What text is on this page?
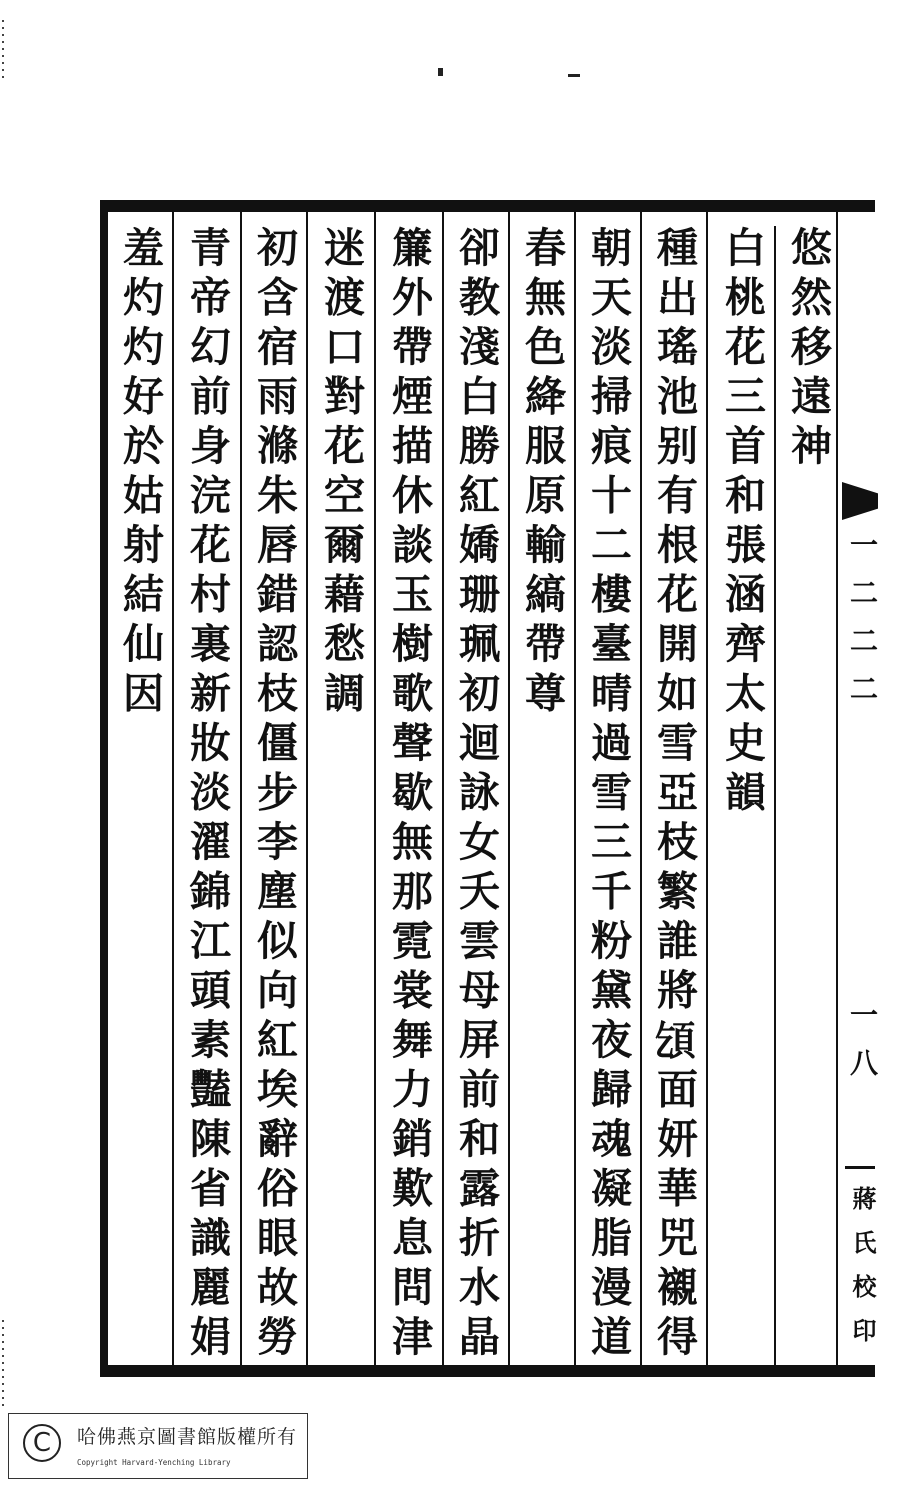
悠然移遠神
白桃花三首和張涵齊太史韻
種出瑤池别有根花開如雪亞枝繁誰將𩑔面妍華兕襯得
朝天淡掃痕十二樓臺晴過雪三千粉黛夜歸魂凝脂漫道
春無色絳服原輸縞帶尊
卻教淺白勝紅嬌珊珮初迴詠女夭雲母屏前和露折水晶
簾外帶煙描休談玉樹歌聲歇無那霓裳舞力銷歎息問津
迷渡口對花空爾藉愁調
初含宿雨滌朱唇錯認枝僵步李塵似向紅埃辭俗眼故勞
青帝幻前身浣花村裏新妝淡濯錦江頭素豔陳省識麗娟
羞灼灼好於姑射結仙因	一二二二
一八
蔣氏校印
C	哈佛燕京圖書館版權所有
Copyright Harvard-Yenching Library
